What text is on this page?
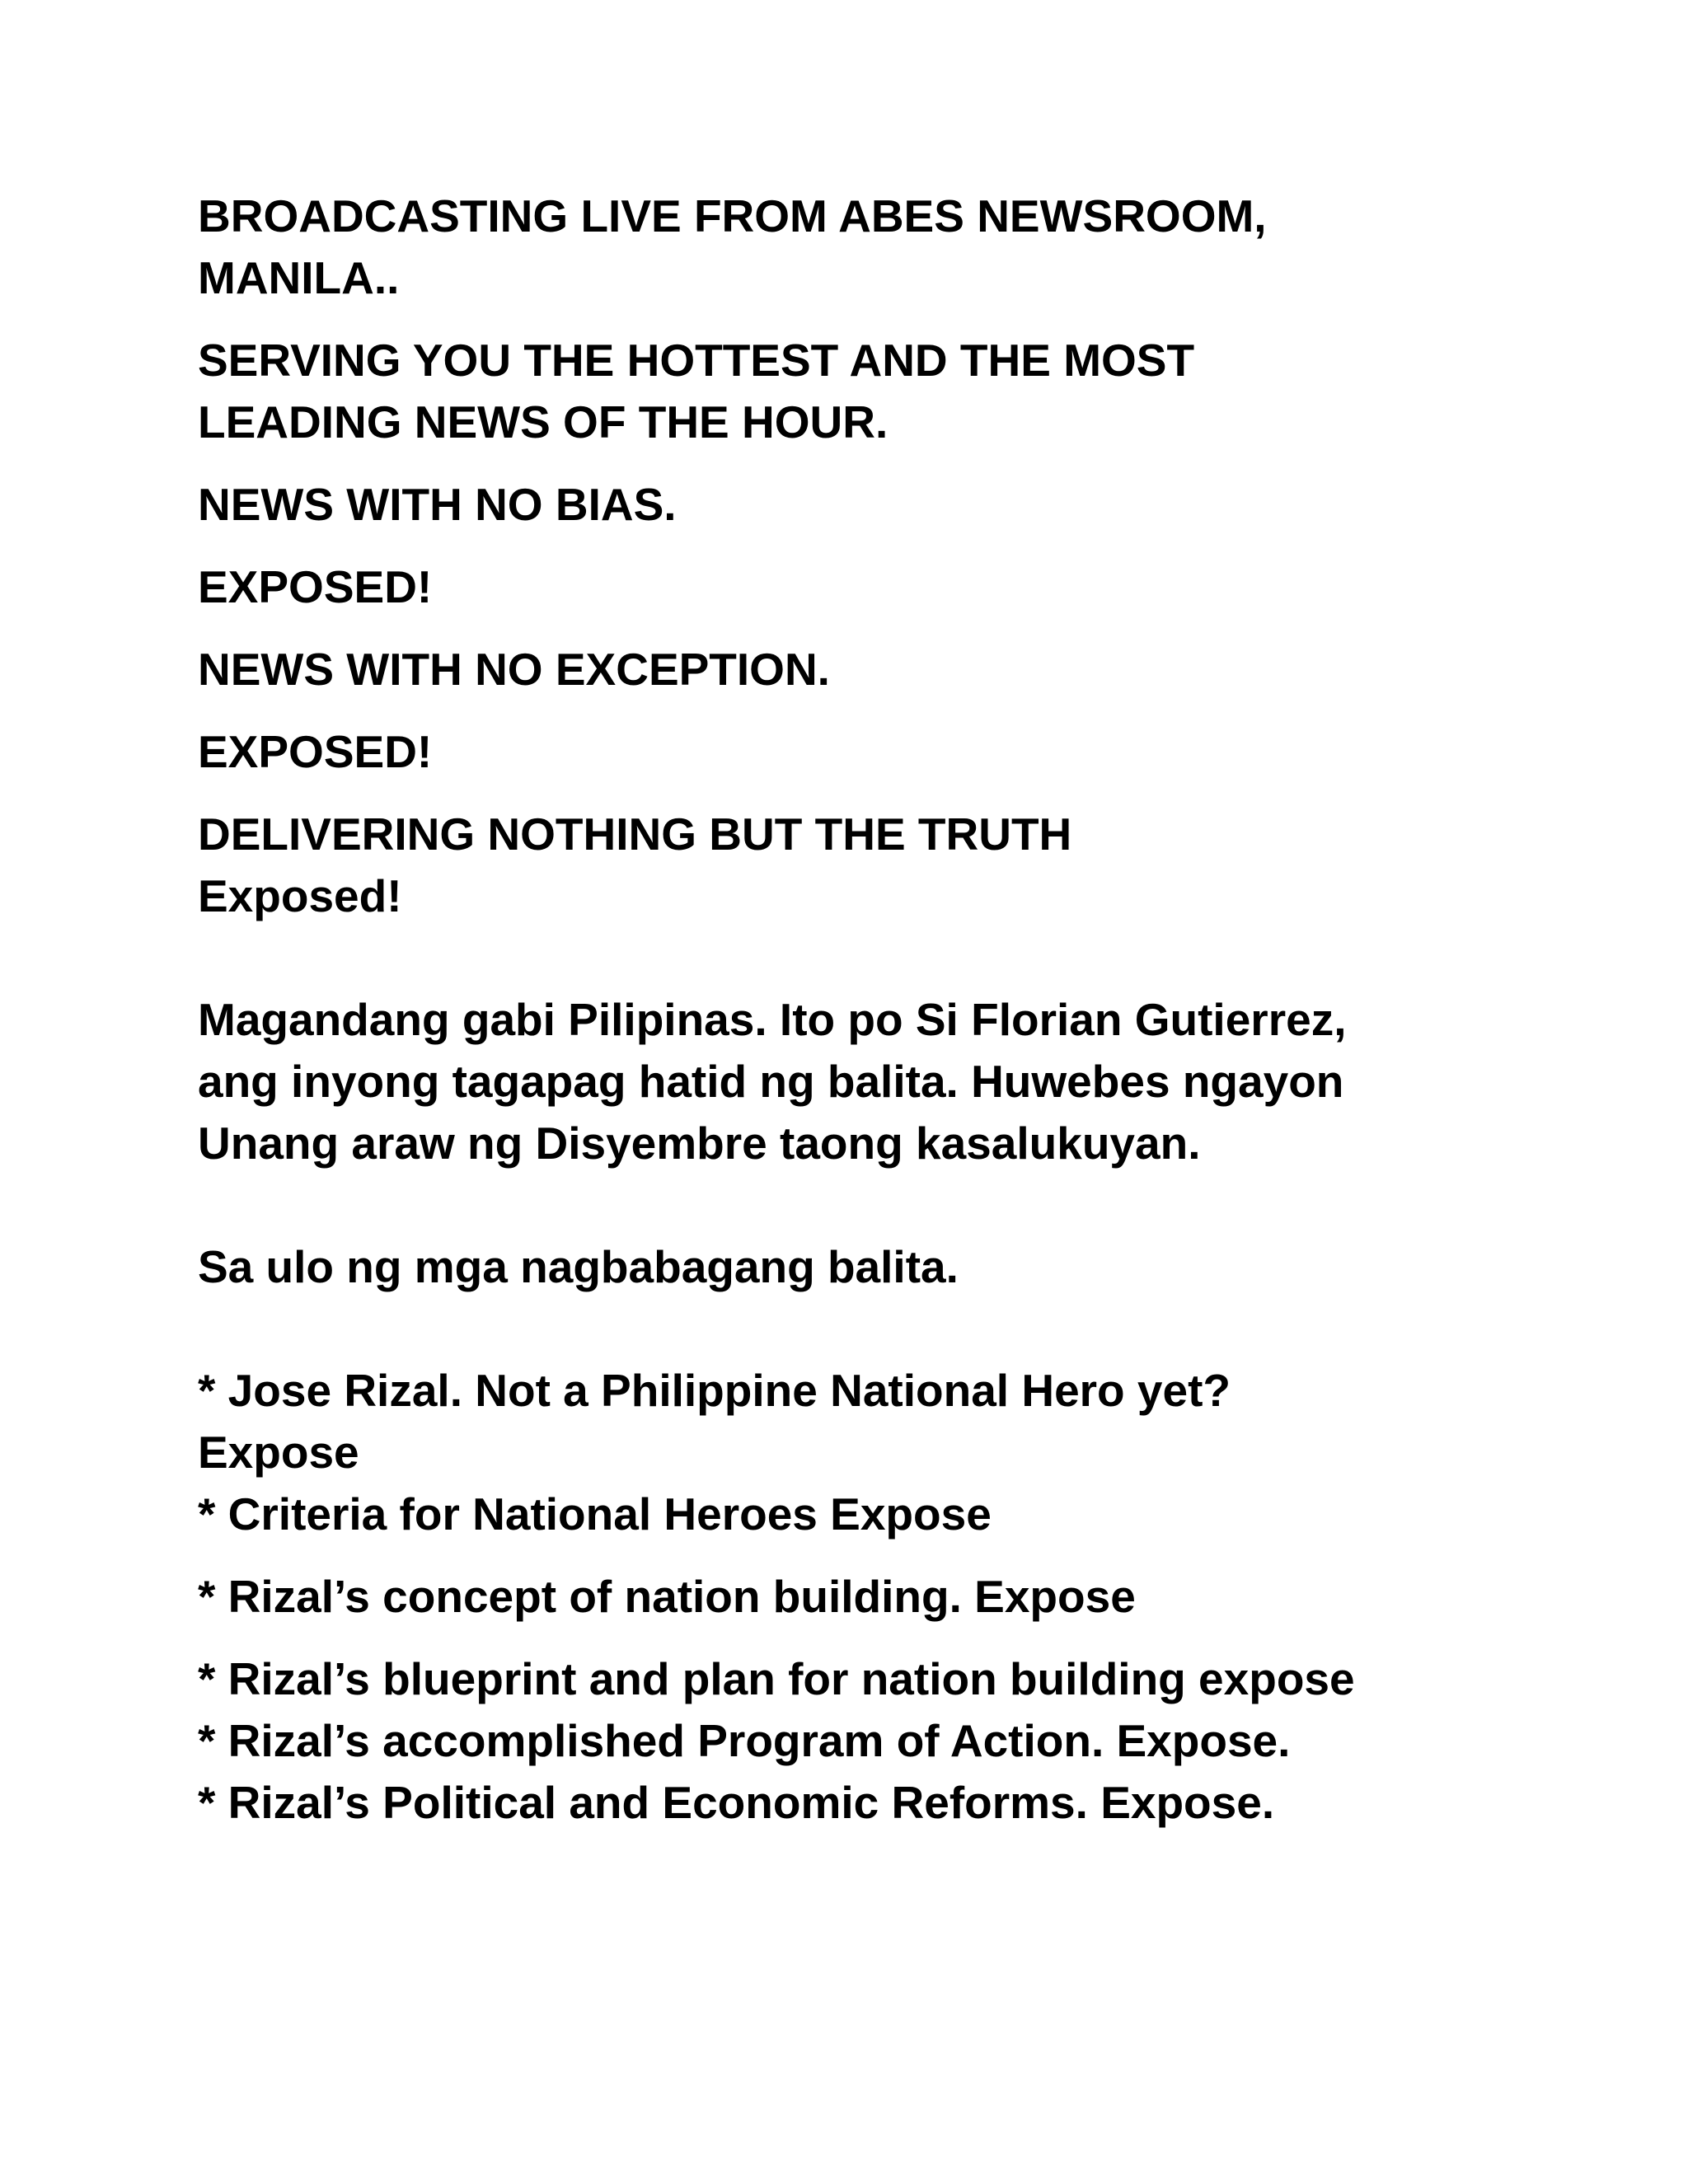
BROADCASTING LIVE FROM ABES NEWSROOM,
MANILA..
SERVING YOU THE HOTTEST AND THE MOST
LEADING NEWS OF THE HOUR.
NEWS WITH NO BIAS.
EXPOSED!
NEWS WITH NO EXCEPTION.
EXPOSED!
DELIVERING NOTHING BUT THE TRUTH
Exposed!
Magandang gabi Pilipinas. Ito po Si Florian Gutierrez,
ang inyong tagapag hatid ng balita. Huwebes ngayon
Unang araw ng Disyembre taong kasalukuyan.
Sa ulo ng mga nagbabagang balita.
* Jose Rizal. Not a Philippine National Hero yet?
Expose
* Criteria for National Heroes Expose
* Rizal’s concept of nation building. Expose
* Rizal’s blueprint and plan for nation building expose
* Rizal’s accomplished Program of Action. Expose.
* Rizal’s Political and Economic Reforms. Expose.
